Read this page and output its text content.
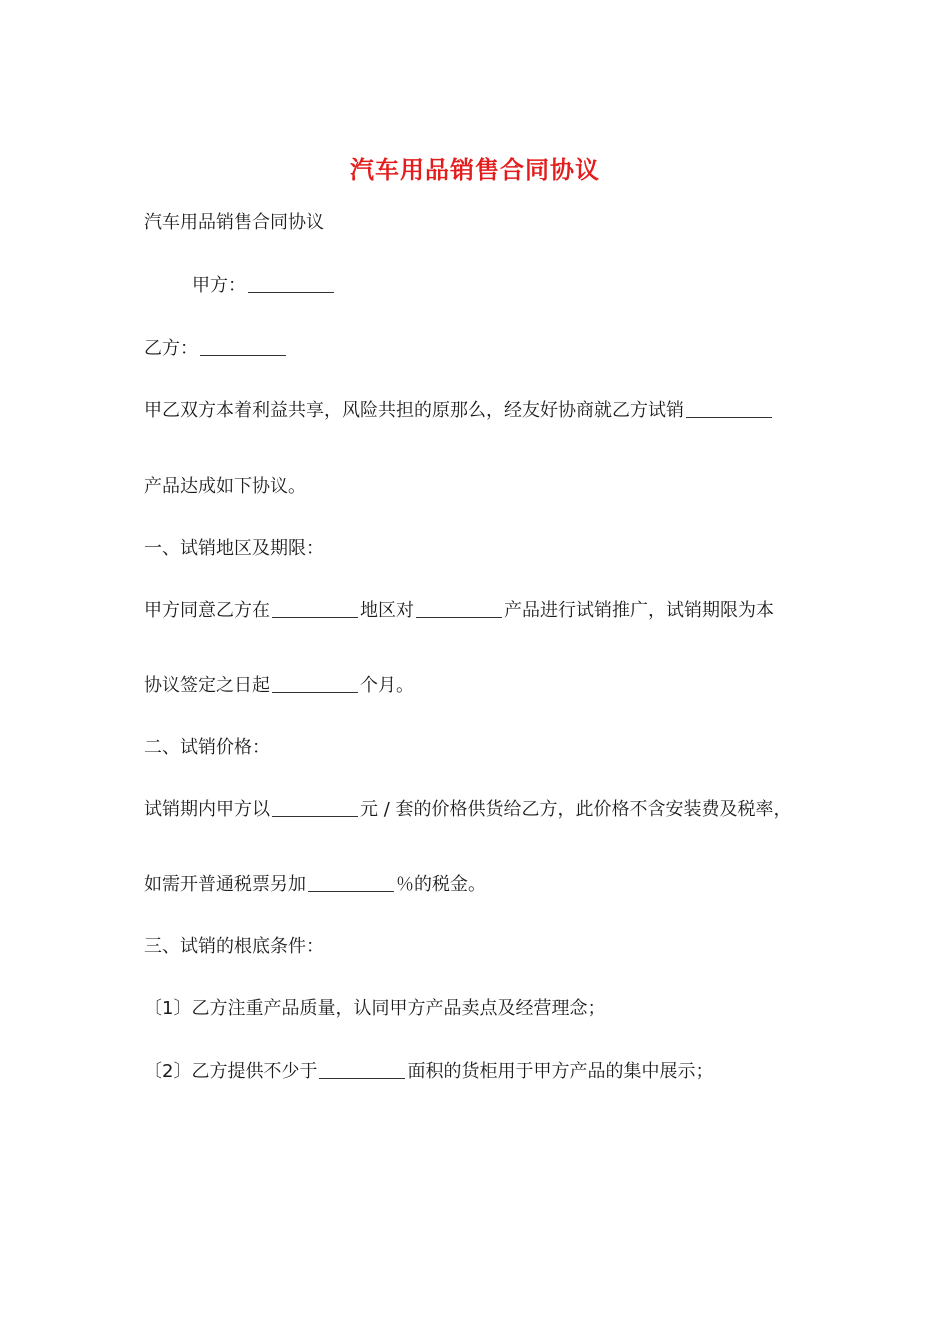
汽车用品销售合同协议
汽车用品销售合同协议
甲方：
乙方：
甲乙双方本着利益共享，风险共担的原那么，经友好协商就乙方试销
产品达成如下协议。
一、试销地区及期限：
甲方同意乙方在	地区对	产品进行试销推广，试销期限为本
协议签定之日起	个月。
二、试销价格：
试销期内甲方以	元 / 套的价格供货给乙方，此价格不含安装费及税率，
如需开普通税票另加	％的税金。
三、试销的根底条件：
〔1〕乙方注重产品质量，认同甲方产品卖点及经营理念；
〔2〕乙方提供不少于	面积的货柜用于甲方产品的集中展示；
